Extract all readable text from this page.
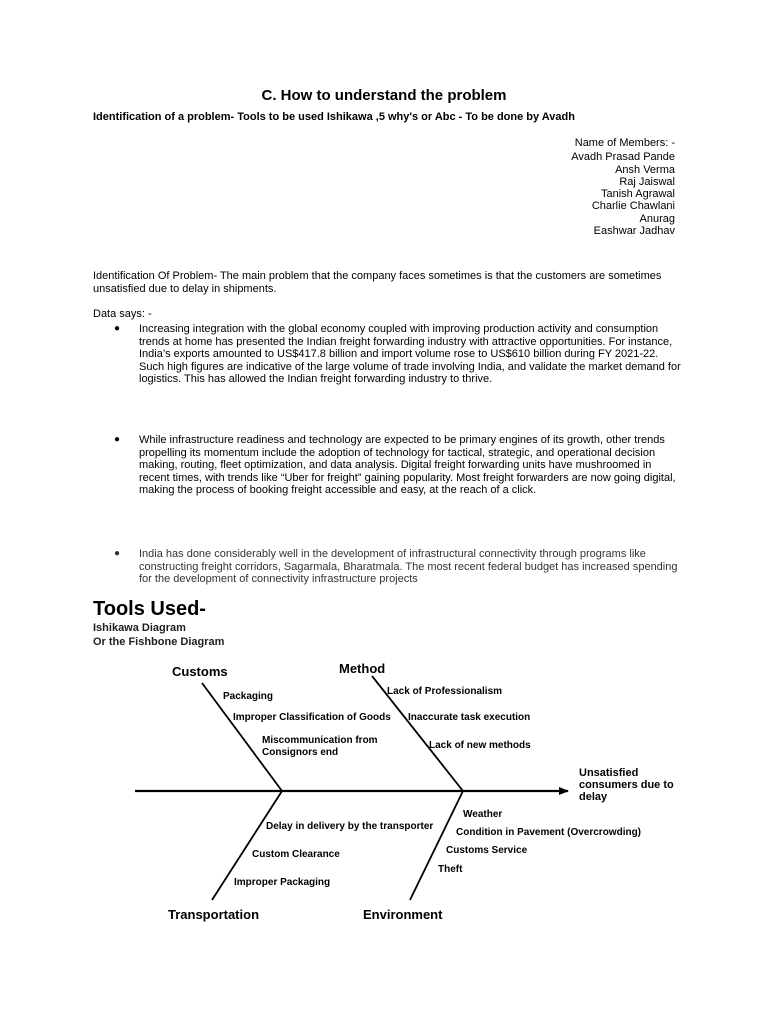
C. How to understand the problem
Identification of a problem- Tools to be used Ishikawa ,5 why's or Abc - To be done by Avadh
Name of Members: -
Avadh Prasad Pande
Ansh Verma
Raj Jaiswal
Tanish Agrawal
Charlie Chawlani
Anurag
Eashwar Jadhav
Identification Of Problem- The main problem that the company faces sometimes is that the customers are sometimes unsatisfied due to delay in shipments.
Data says: -
● Increasing integration with the global economy coupled with improving production activity and consumption trends at home has presented the Indian freight forwarding industry with attractive opportunities. For instance, India’s exports amounted to US$417.8 billion and import volume rose to US$610 billion during FY 2021-22. Such high figures are indicative of the large volume of trade involving India, and validate the market demand for logistics. This has allowed the Indian freight forwarding industry to thrive.
● While infrastructure readiness and technology are expected to be primary engines of its growth, other trends propelling its momentum include the adoption of technology for tactical, strategic, and operational decision making, routing, fleet optimization, and data analysis. Digital freight forwarding units have mushroomed in recent times, with trends like “Uber for freight” gaining popularity. Most freight forwarders are now going digital, making the process of booking freight accessible and easy, at the reach of a click.
● India has done considerably well in the development of infrastructural connectivity through programs like constructing freight corridors, Sagarmala, Bharatmala. The most recent federal budget has increased spending for the development of connectivity infrastructure projects
Tools Used-
Ishikawa Diagram
Or the Fishbone Diagram
Unsatisfied
consumers due to
delay
Customs	Method
Transportation	Environment
Packaging
Improper Classification of Goods
Miscommunication from
Consignors end
Lack of Professionalism
Inaccurate task execution
Lack of new methods
Delay in delivery by the transporter
Custom Clearance
Improper Packaging
Weather
Condition in Pavement (Overcrowding)
Customs Service
Theft
